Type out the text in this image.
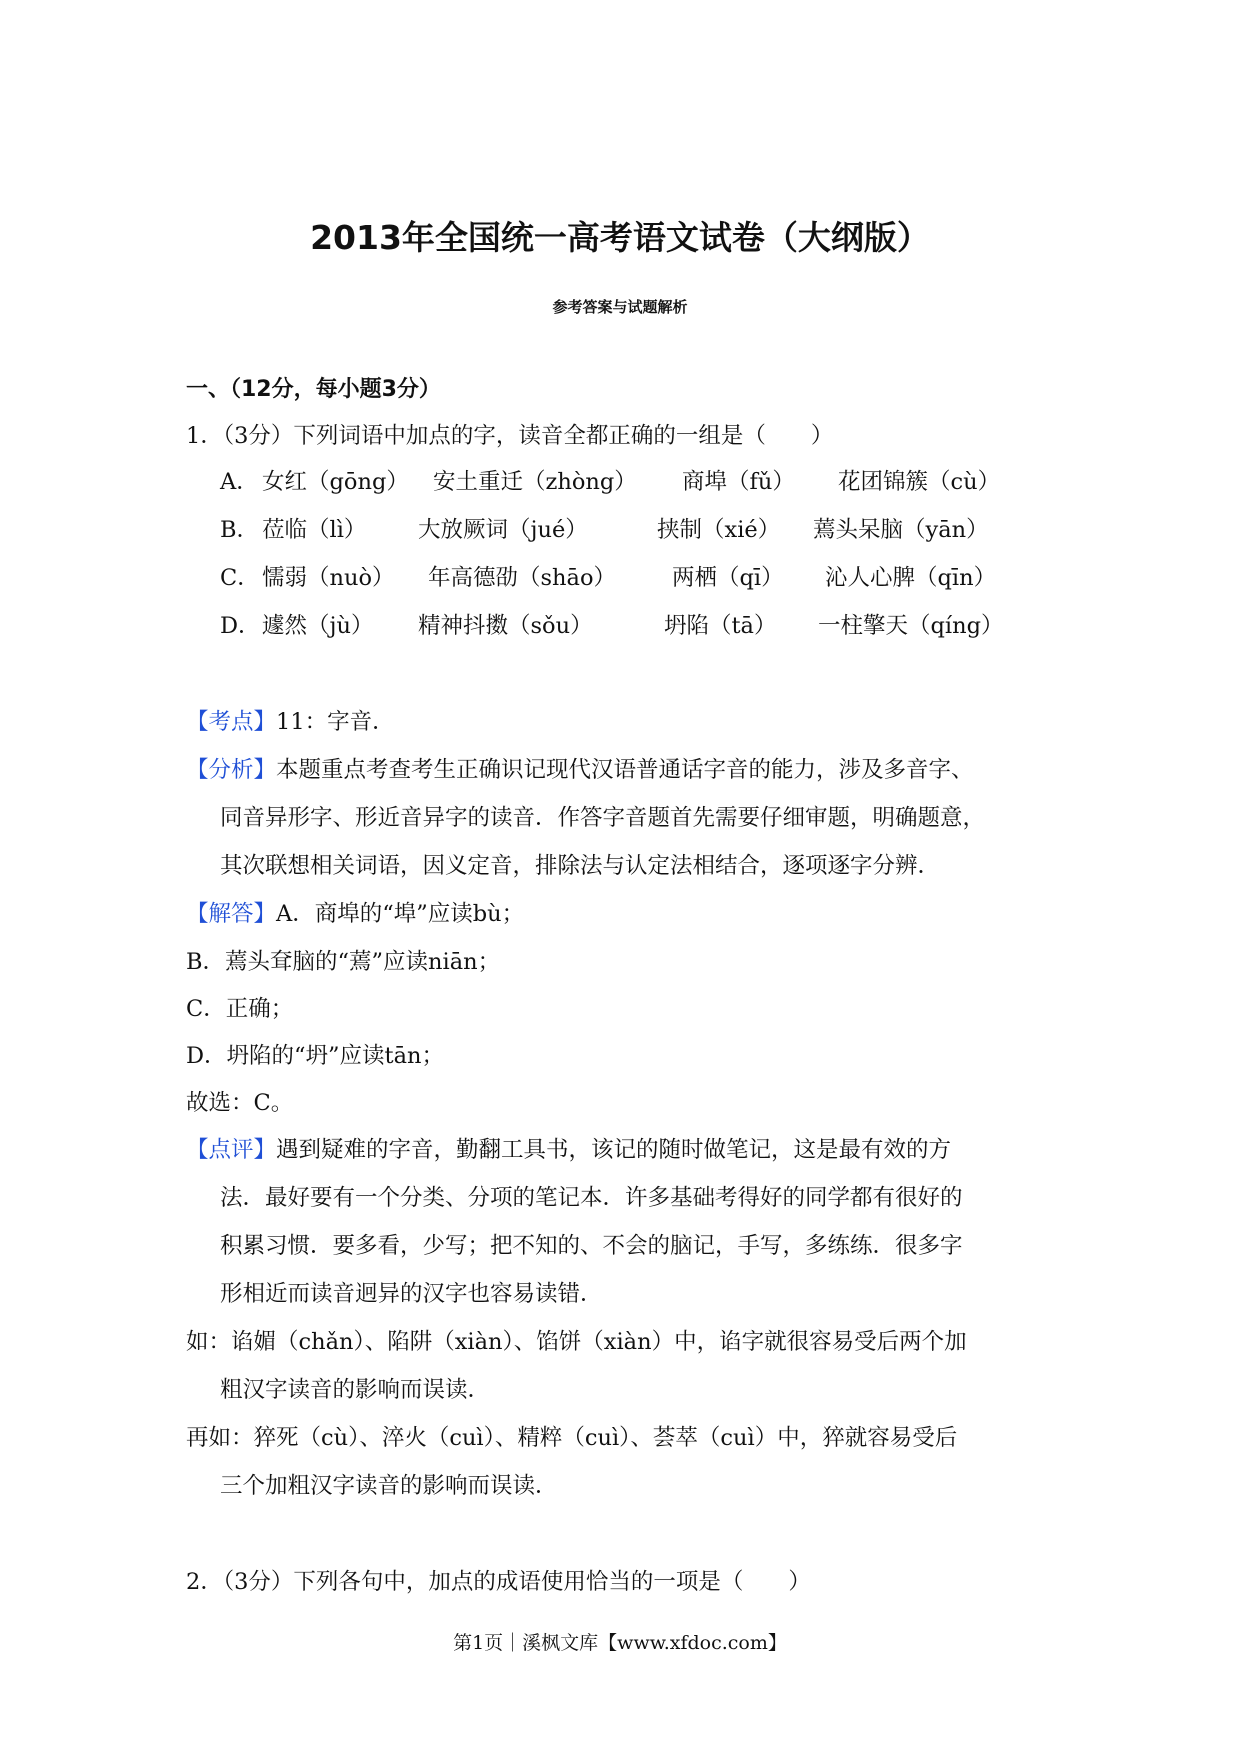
2013年全国统一高考语文试卷（大纲版）
参考答案与试题解析
一、（12分，每小题3分）
1．（3分）下列词语中加点的字，读音全都正确的一组是（　　）
A． 女红（gōng） 安土重迁（zhòng） 商埠（fǔ） 花团锦簇（cù）
B． 莅临（lì） 大放厥词（jué）	挟制（xié） 蔫头呆脑（yān）
C． 懦弱（nuò） 年高德劭（shāo） 两栖（qī） 沁人心脾（qīn）
D． 遽然（jù） 精神抖擞（sǒu）	坍陷（tā） 一柱擎天（qíng）
【考点】11：字音．
【分析】本题重点考查考生正确识记现代汉语普通话字音的能力，涉及多音字、
同音异形字、形近音异字的读音．作答字音题首先需要仔细审题，明确题意，
其次联想相关词语，因义定音，排除法与认定法相结合，逐项逐字分辨．
【解答】A．商埠的“埠”应读bù；
B．蔫头耷脑的“蔫”应读niān；
C．正确；
D．坍陷的“坍”应读tān；
故选：C。
【点评】遇到疑难的字音，勤翻工具书，该记的随时做笔记，这是最有效的方
法．最好要有一个分类、分项的笔记本．许多基础考得好的同学都有很好的
积累习惯．要多看，少写；把不知的、不会的脑记，手写，多练练．很多字
形相近而读音迥异的汉字也容易读错．
如：谄媚（chǎn）、陷阱（xiàn）、馅饼（xiàn）中，谄字就很容易受后两个加
粗汉字读音的影响而误读．
再如：猝死（cù）、淬火（cuì）、精粹（cuì）、荟萃（cuì）中，猝就容易受后
三个加粗汉字读音的影响而误读．
2．（3分）下列各句中，加点的成语使用恰当的一项是（　　）
第1页｜溪枫文库【www.xfdoc.com】
